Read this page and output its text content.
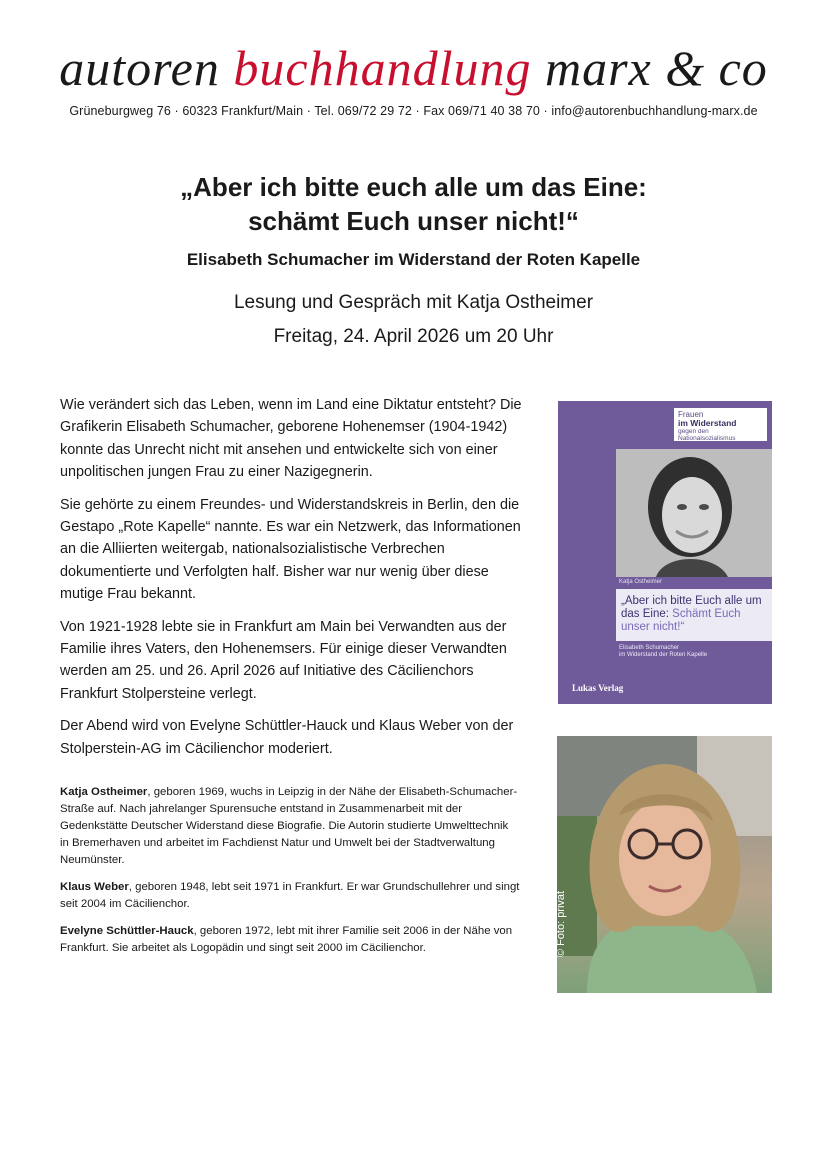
autoren buchhandlung marx & co
Grüneburgweg 76 · 60323 Frankfurt/Main · Tel. 069/72 29 72 · Fax 069/71 40 38 70 · info@autorenbuchhandlung-marx.de
„Aber ich bitte euch alle um das Eine:
schämt Euch unser nicht!“
Elisabeth Schumacher im Widerstand der Roten Kapelle
Lesung und Gespräch mit Katja Ostheimer
Freitag, 24. April 2026 um 20 Uhr

Wie verändert sich das Leben, wenn im Land eine Diktatur entsteht? Die Grafikerin Elisabeth Schumacher, geborene Hohenemser (1904-1942) konnte das Unrecht nicht mit ansehen und entwickelte sich von einer unpolitischen jungen Frau zu einer Nazigegnerin.

Sie gehörte zu einem Freundes- und Widerstandskreis in Berlin, den die Gestapo „Rote Kapelle“ nannte. Es war ein Netzwerk, das Informationen an die Alliierten weitergab, nationalsozialistische Verbrechen dokumentierte und Verfolgten half. Bisher war nur wenig über diese mutige Frau bekannt.

Von 1921-1928 lebte sie in Frankfurt am Main bei Verwandten aus der Familie ihres Vaters, den Hohenemsers. Für einige dieser Verwandten werden am 25. und 26. April 2026 auf Initiative des Cäcilienchors Frankfurt Stolpersteine verlegt.

Der Abend wird von Evelyne Schüttler-Hauck und Klaus Weber von der Stolperstein-AG im Cäcilienchor moderiert.

Katja Ostheimer, geboren 1969, wuchs in Leipzig in der Nähe der Elisabeth-Schumacher-Straße auf. Nach jahrelanger Spurensuche entstand in Zusammenarbeit mit der Gedenkstätte Deutscher Widerstand diese Biografie. Die Autorin studierte Umwelttechnik in Bremerhaven und arbeitet im Fachdienst Natur und Umwelt bei der Stadtverwaltung Neumünster.

Klaus Weber, geboren 1948, lebt seit 1971 in Frankfurt. Er war Grundschullehrer und singt seit 2004 im Cäcilienchor.

Evelyne Schüttler-Hauck, geboren 1972, lebt mit ihrer Familie seit 2006 in der Nähe von Frankfurt. Sie arbeitet als Logopädin und singt seit 2000 im Cäcilienchor.

Frauen
im Widerstand
gegen den
Nationalsozialismus
Katja Ostheimer
„Aber ich bitte Euch alle um das Eine: Schämt Euch unser nicht!“
Elisabeth Schumacher
im Widerstand der Roten Kapelle
Lukas Verlag
© Foto: privat
